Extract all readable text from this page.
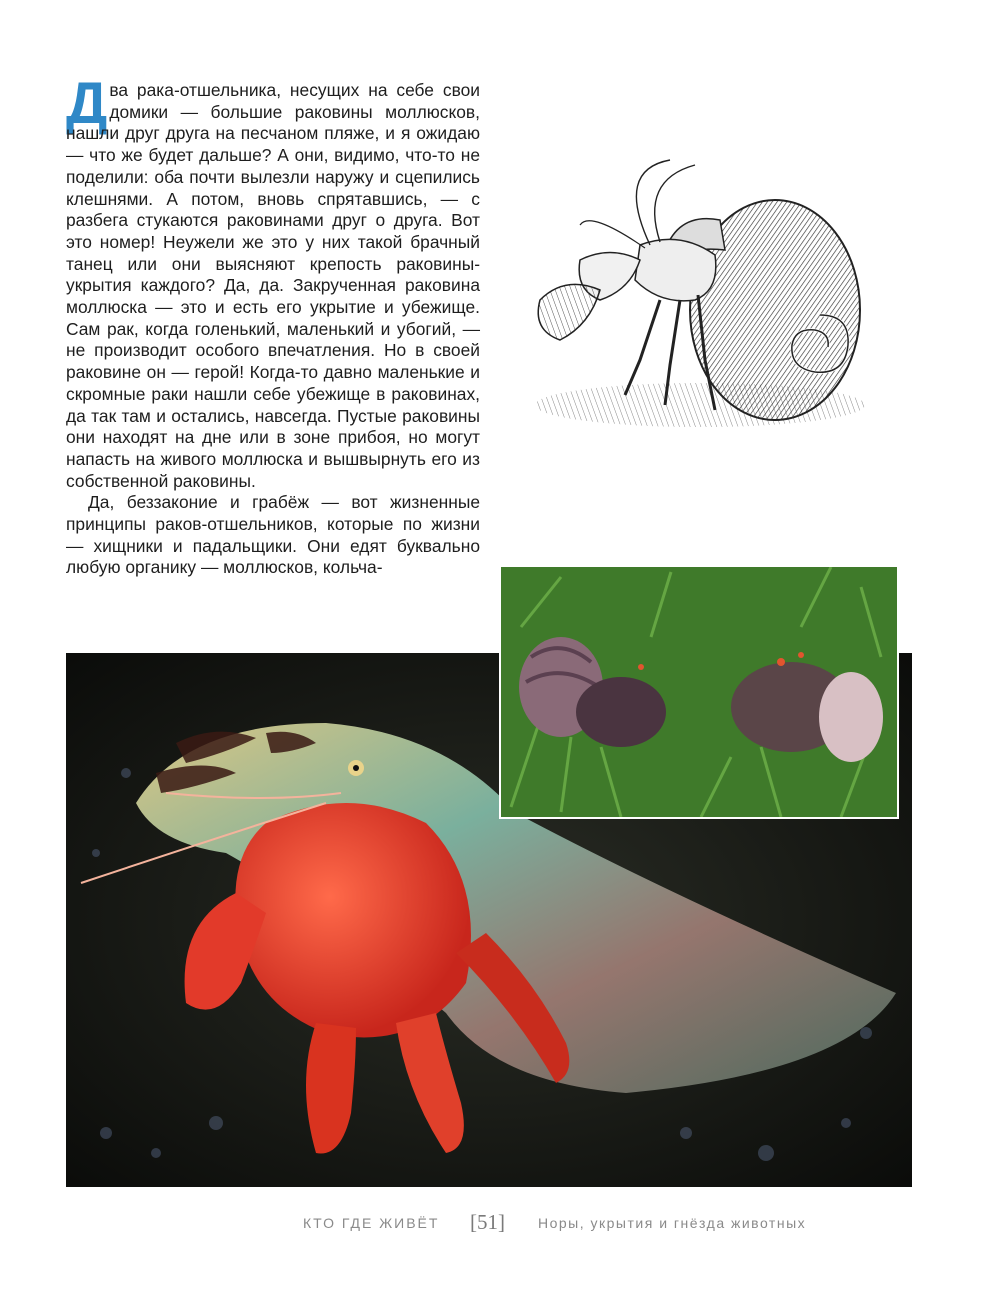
Два рака-отшельника, несущих на себе свои домики — большие раковины моллюсков, нашли друг друга на песчаном пляже, и я ожидаю — что же будет дальше? А они, видимо, что-то не поделили: оба почти вылезли наружу и сцепились клешнями. А потом, вновь спрятавшись, — с разбега стукаются раковинами друг о друга. Вот это номер! Неужели же это у них такой брачный танец или они выясняют крепость раковины-укрытия каждого? Да, да. Закрученная раковина моллюска — это и есть его укрытие и убежище. Сам рак, когда голенький, маленький и убогий, — не производит особого впечатления. Но в своей раковине он — герой! Когда-то давно маленькие и скромные раки нашли себе убежище в раковинах, да так там и остались, навсегда. Пустые раковины они находят на дне или в зоне прибоя, но могут напасть на живого моллюска и вышвырнуть его из собственной раковины.

Да, беззаконие и грабёж — вот жизненные принципы раков-отшельников, которые по жизни — хищники и падальщики. Они едят буквально любую органику — моллюсков, кольча-

КТО ГДЕ ЖИВЁТ [51] Норы, укрытия и гнёзда животных
